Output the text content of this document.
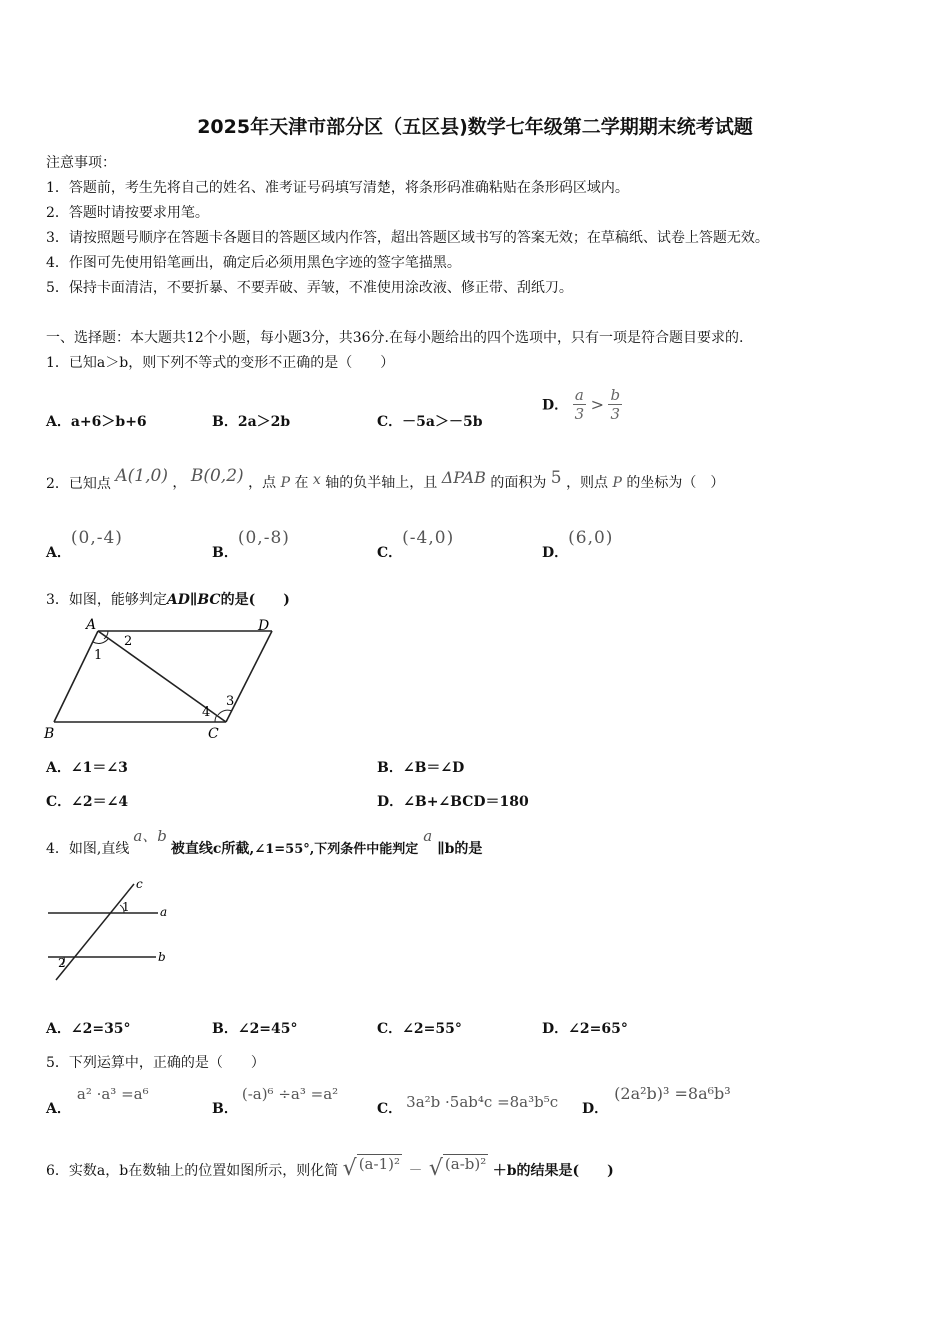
2025年天津市部分区（五区县)数学七年级第二学期期末统考试题
注意事项：
1．答题前，考生先将自己的姓名、准考证号码填写清楚，将条形码准确粘贴在条形码区域内。
2．答题时请按要求用笔。
3．请按照题号顺序在答题卡各题目的答题区域内作答，超出答题区域书写的答案无效；在草稿纸、试卷上答题无效。
4．作图可先使用铅笔画出，确定后必须用黑色字迹的签字笔描黑。
5．保持卡面清洁，不要折暴、不要弄破、弄皱，不准使用涂改液、修正带、刮纸刀。
一、选择题：本大题共12个小题，每小题3分，共36分.在每小题给出的四个选项中，只有一项是符合题目要求的.
1．已知a＞b，则下列不等式的变形不正确的是（　　）
A．a+6＞b+6	B．2a＞2b	C．－5a＞－5b
D． $\frac{a}{3} > \frac{b}{3}$
2．已知点 A(1,0) ， B(0,2) ，点 P 在 x 轴的负半轴上，且 ΔPAB 的面积为 5 ，则点 P 的坐标为（　）
A．(0,-4)
B．(0,-8)
C．(-4,0)
D．(6,0)
3．如图，能够判定AD∥BC的是(　　)
A	D
B	C
1
2
4
3
A．∠1＝∠3	B．∠B＝∠D
C．∠2＝∠4	D．∠B+∠BCD＝180
4．如图,直线a、b被直线c所截,∠1=55°,下列条件中能判定a∥b的是
c
a
b
1
2
A．∠2=35°	B．∠2=45°	C．∠2=55°	D．∠2=65°
5．下列运算中，正确的是（　　）
A．a² ·a³ =a⁶
B．(-a)⁶ ÷a³ =a²
C． 3a²b ·5ab⁴c =8a³b⁵c D．(2a²b)³ =8a⁶b³
6．实数a，b在数轴上的位置如图所示，则化简 √ (a-1)² － √ (a-b)² ＋b的结果是(　　)
